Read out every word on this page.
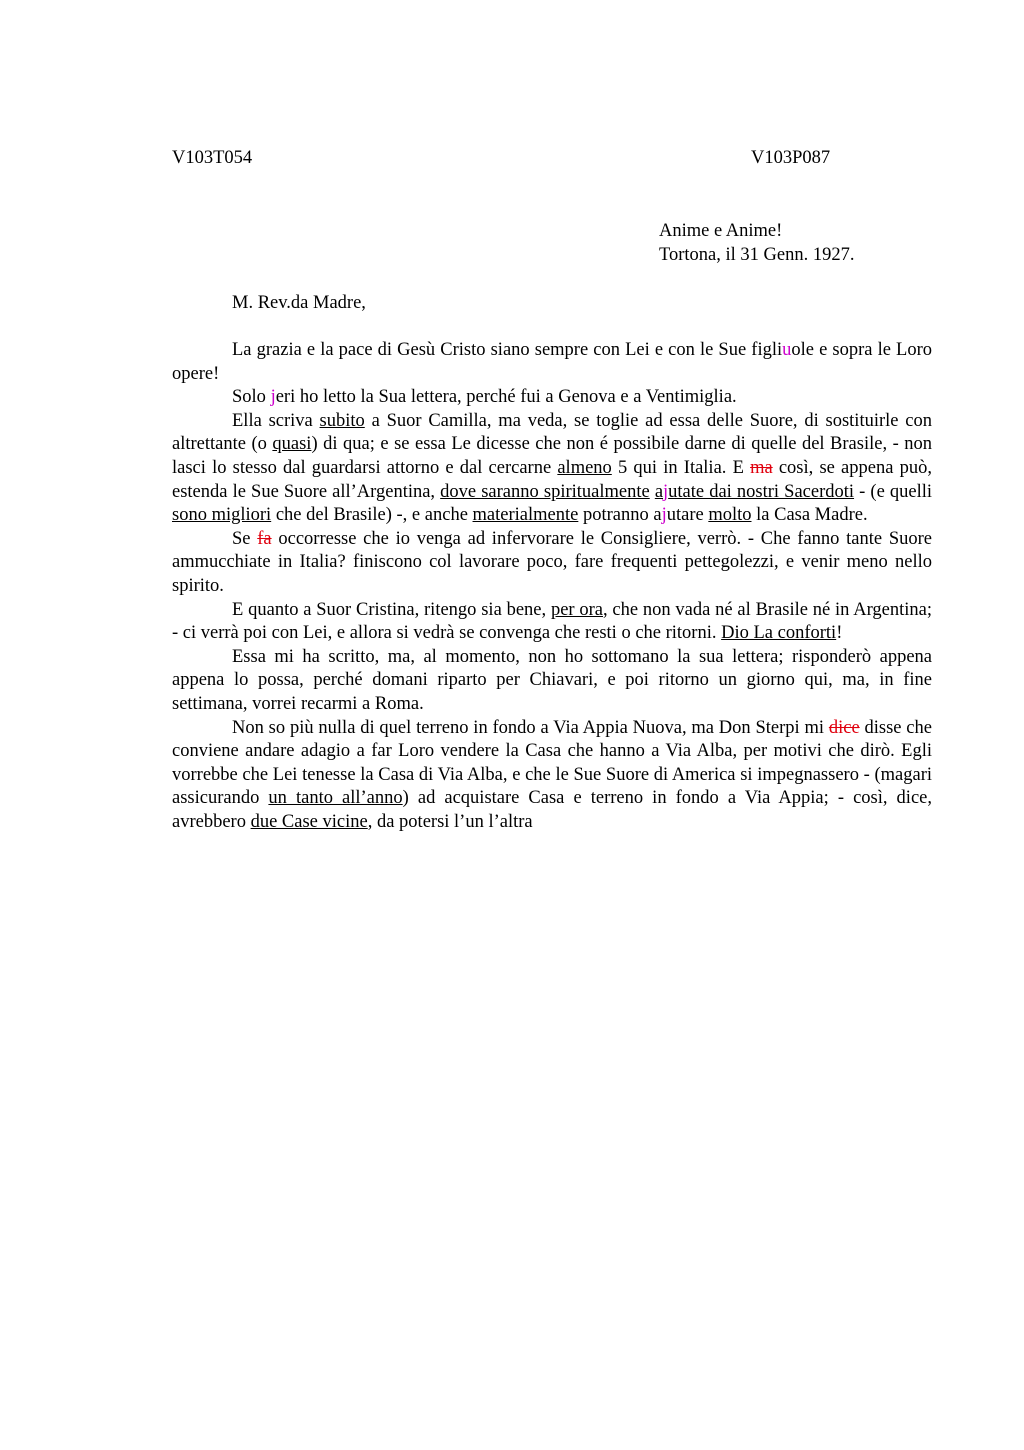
V103T054	V103P087
Anime e Anime!
Tortona, il 31 Genn. 1927.
M. Rev.da Madre,

La grazia e la pace di Gesù Cristo siano sempre con Lei e con le Sue figliuole e sopra le Loro opere!

Solo jeri ho letto la Sua lettera, perché fui a Genova e a Ventimiglia.

Ella scriva subito a Suor Camilla, ma veda, se toglie ad essa delle Suore, di sostituirle con altrettante (o quasi) di qua; e se essa Le dicesse che non é possibile darne di quelle del Brasile, - non lasci lo stesso dal guardarsi attorno e dal cercarne almeno 5 qui in Italia. E ma così, se appena può, estenda le Sue Suore all’Argentina, dove saranno spiritualmente ajutate dai nostri Sacerdoti - (e quelli sono migliori che del Brasile) -, e anche materialmente potranno ajutare molto la Casa Madre.

Se fa occorresse che io venga ad infervorare le Consigliere, verrò. - Che fanno tante Suore ammucchiate in Italia? finiscono col lavorare poco, fare frequenti pettegolezzi, e venir meno nello spirito.

E quanto a Suor Cristina, ritengo sia bene, per ora, che non vada né al Brasile né in Argentina; - ci verrà poi con Lei, e allora si vedrà se convenga che resti o che ritorni. Dio La conforti!

Essa mi ha scritto, ma, al momento, non ho sottomano la sua lettera; risponderò appena appena lo possa, perché domani riparto per Chiavari, e poi ritorno un giorno qui, ma, in fine settimana, vorrei recarmi a Roma.

Non so più nulla di quel terreno in fondo a Via Appia Nuova, ma Don Sterpi mi dice disse che conviene andare adagio a far Loro vendere la Casa che hanno a Via Alba, per motivi che dirò. Egli vorrebbe che Lei tenesse la Casa di Via Alba, e che le Sue Suore di America si impegnassero - (magari assicurando un tanto all’anno) ad acquistare Casa e terreno in fondo a Via Appia; - così, dice, avrebbero due Case vicine, da potersi l’un l’altra
